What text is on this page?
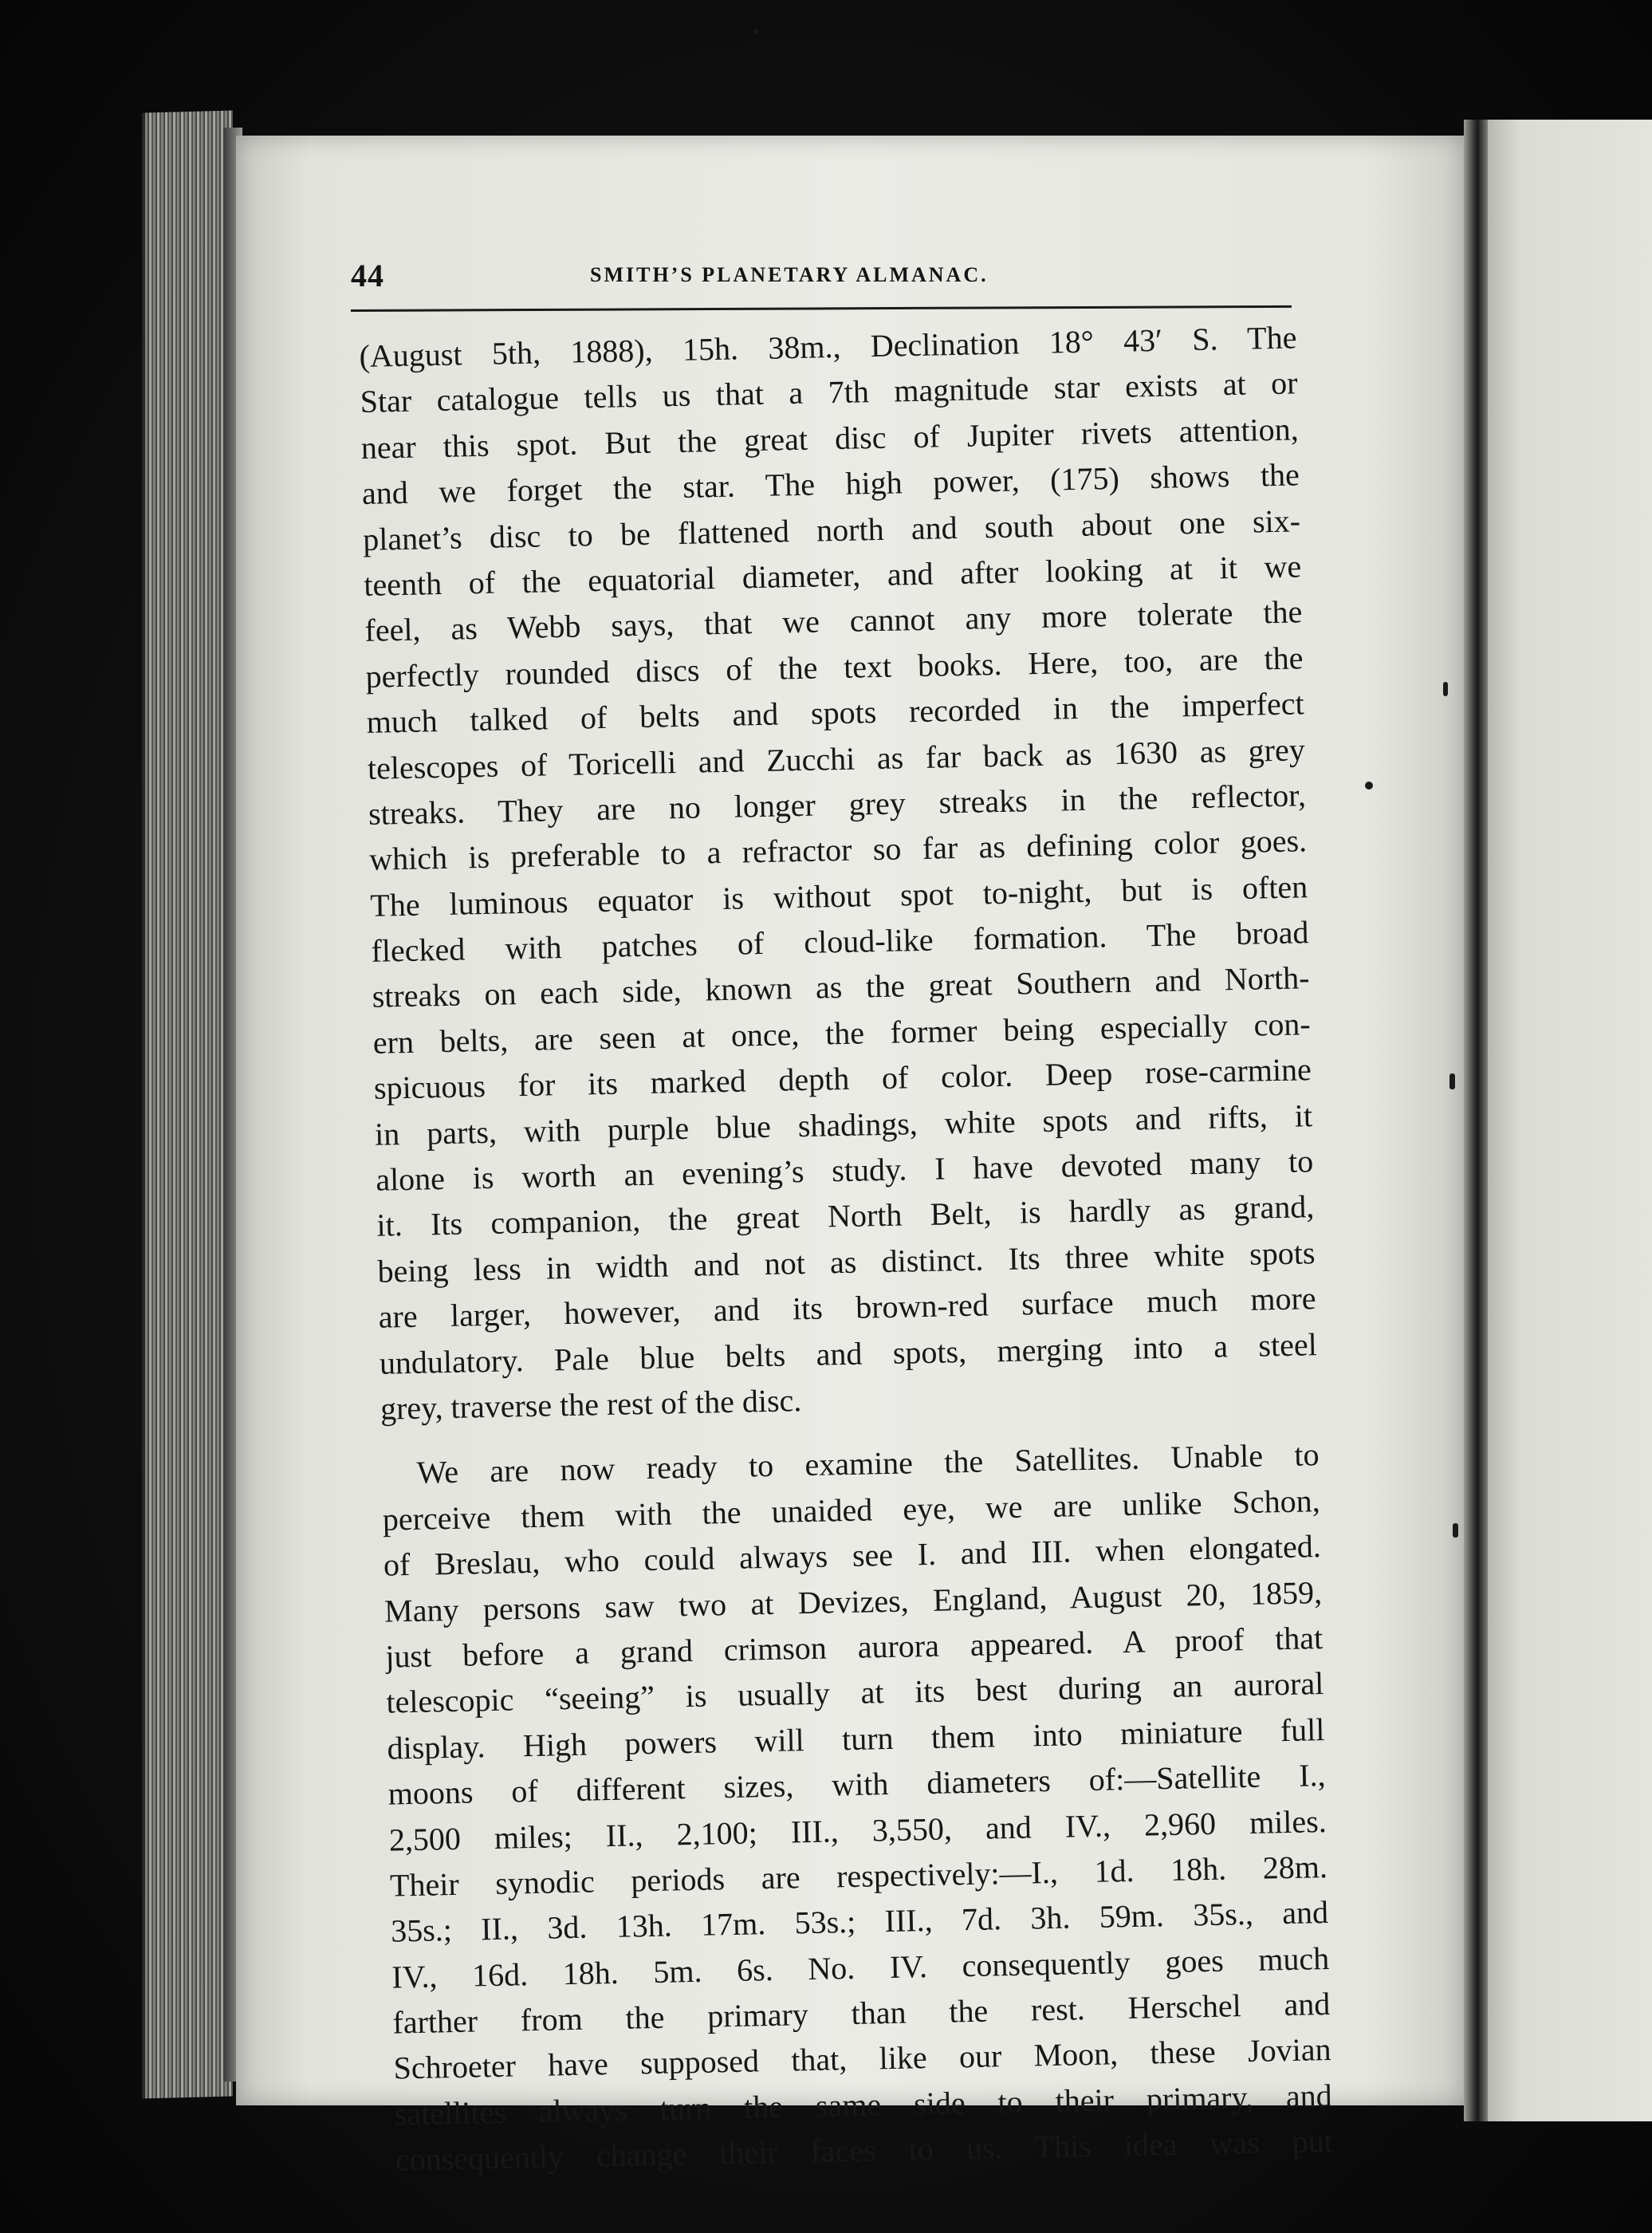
44	SMITH’S PLANETARY ALMANAC.
(August 5th, 1888), 15h. 38m., Declination 18° 43′ S. The
Star catalogue tells us that a 7th magnitude star exists at or
near this spot. But the great disc of Jupiter rivets attention,
and we forget the star. The high power, (175) shows the
planet’s disc to be flattened north and south about one six-
teenth of the equatorial diameter, and after looking at it we
feel, as Webb says, that we cannot any more tolerate the
perfectly rounded discs of the text books. Here, too, are the
much talked of belts and spots recorded in the imperfect
telescopes of Toricelli and Zucchi as far back as 1630 as grey
streaks. They are no longer grey streaks in the reflector,
which is preferable to a refractor so far as defining color goes.
The luminous equator is without spot to-night, but is often
flecked with patches of cloud-like formation. The broad
streaks on each side, known as the great Southern and North-
ern belts, are seen at once, the former being especially con-
spicuous for its marked depth of color. Deep rose-carmine
in parts, with purple blue shadings, white spots and rifts, it
alone is worth an evening’s study. I have devoted many to
it. Its companion, the great North Belt, is hardly as grand,
being less in width and not as distinct. Its three white spots
are larger, however, and its brown-red surface much more
undulatory. Pale blue belts and spots, merging into a steel
grey, traverse the rest of the disc.
We are now ready to examine the Satellites. Unable to
perceive them with the unaided eye, we are unlike Schon,
of Breslau, who could always see I. and III. when elongated.
Many persons saw two at Devizes, England, August 20, 1859,
just before a grand crimson aurora appeared. A proof that
telescopic “seeing” is usually at its best during an auroral
display. High powers will turn them into miniature full
moons of different sizes, with diameters of:—Satellite I.,
2,500 miles; II., 2,100; III., 3,550, and IV., 2,960 miles.
Their synodic periods are respectively:—I., 1d. 18h. 28m.
35s.; II., 3d. 13h. 17m. 53s.; III., 7d. 3h. 59m. 35s., and
IV., 16d. 18h. 5m. 6s. No. IV. consequently goes much
farther from the primary than the rest. Herschel and
Schroeter have supposed that, like our Moon, these Jovian
satellites always turn the same side to their primary, and
consequently change their faces to us. This idea was put
